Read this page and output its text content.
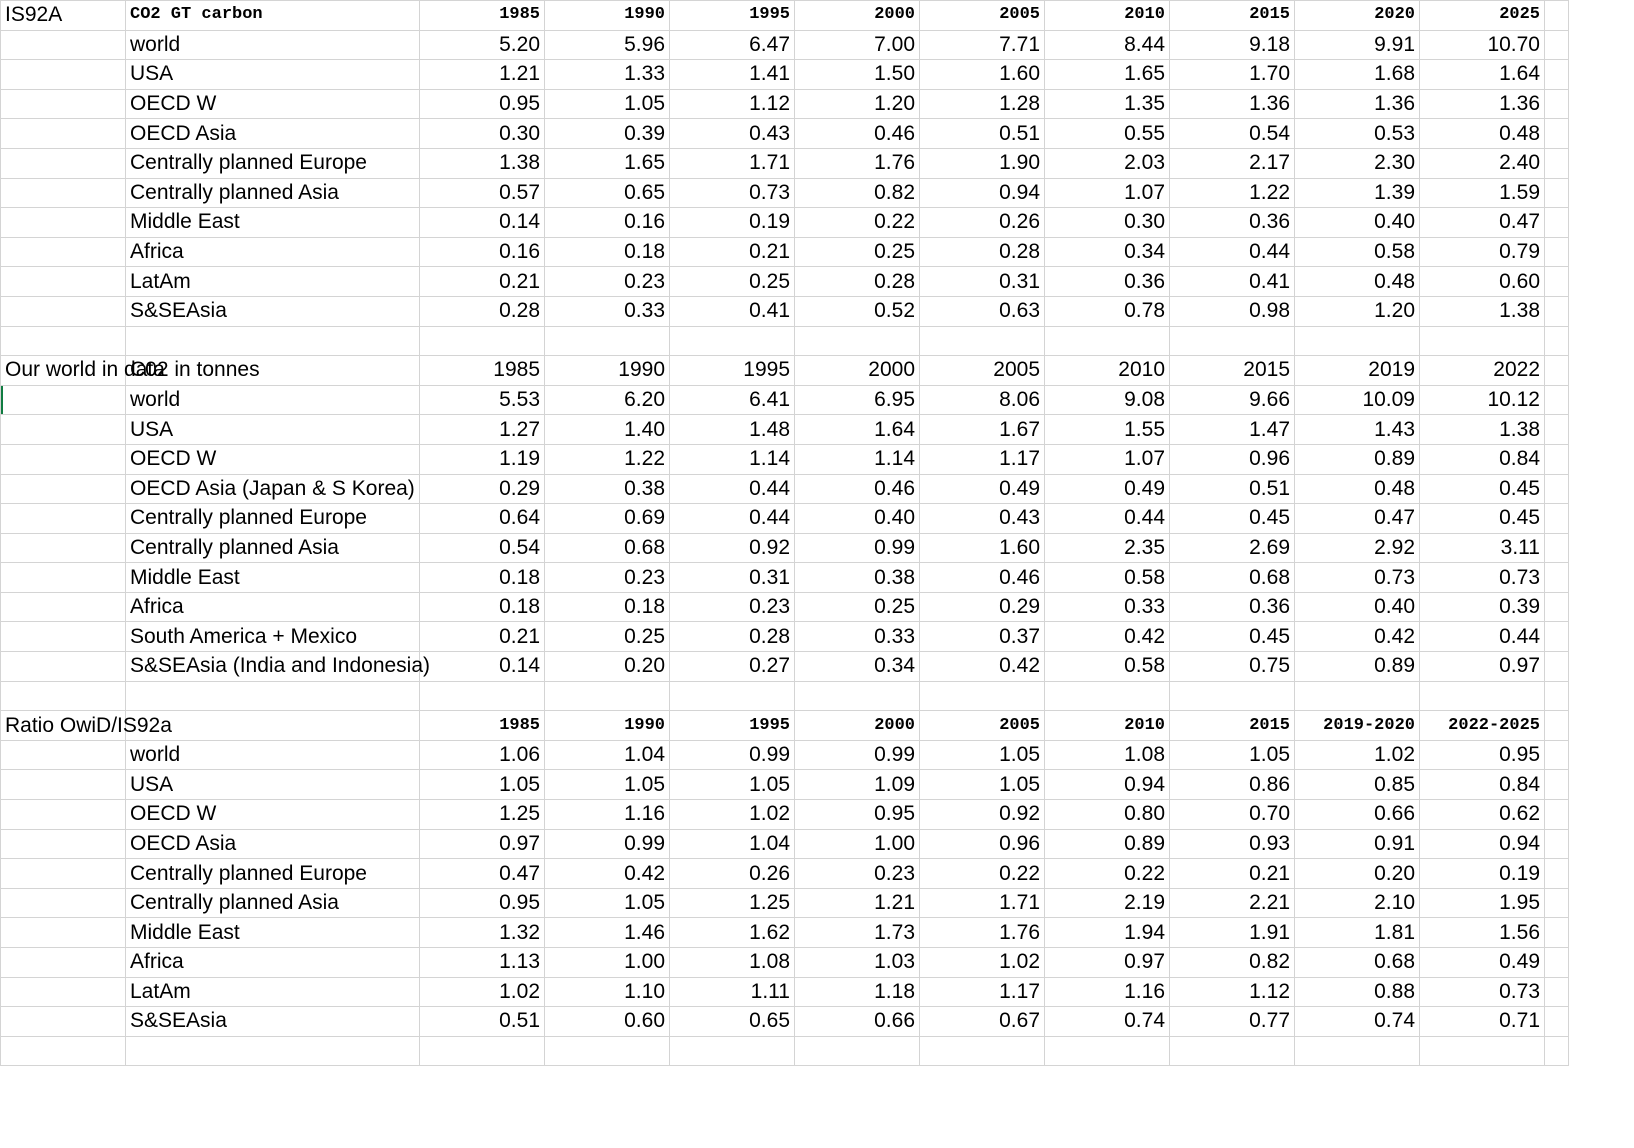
IS92A	CO2 GT carbon	1985	1990	1995	2000	2005	2010	2015	2020	2025	
	world	5.20	5.96	6.47	7.00	7.71	8.44	9.18	9.91	10.70	
	USA	1.21	1.33	1.41	1.50	1.60	1.65	1.70	1.68	1.64	
	OECD W	0.95	1.05	1.12	1.20	1.28	1.35	1.36	1.36	1.36	
	OECD Asia	0.30	0.39	0.43	0.46	0.51	0.55	0.54	0.53	0.48	
	Centrally planned Europe	1.38	1.65	1.71	1.76	1.90	2.03	2.17	2.30	2.40	
	Centrally planned Asia	0.57	0.65	0.73	0.82	0.94	1.07	1.22	1.39	1.59	
	Middle East	0.14	0.16	0.19	0.22	0.26	0.30	0.36	0.40	0.47	
	Africa	0.16	0.18	0.21	0.25	0.28	0.34	0.44	0.58	0.79	
	LatAm	0.21	0.23	0.25	0.28	0.31	0.36	0.41	0.48	0.60	
	S&SEAsia	0.28	0.33	0.41	0.52	0.63	0.78	0.98	1.20	1.38	

Our world in data	C02 in tonnes	1985	1990	1995	2000	2005	2010	2015	2019	2022	
	world	5.53	6.20	6.41	6.95	8.06	9.08	9.66	10.09	10.12	
	USA	1.27	1.40	1.48	1.64	1.67	1.55	1.47	1.43	1.38	
	OECD W	1.19	1.22	1.14	1.14	1.17	1.07	0.96	0.89	0.84	
	OECD Asia (Japan & S Korea)	0.29	0.38	0.44	0.46	0.49	0.49	0.51	0.48	0.45	
	Centrally planned Europe	0.64	0.69	0.44	0.40	0.43	0.44	0.45	0.47	0.45	
	Centrally planned Asia	0.54	0.68	0.92	0.99	1.60	2.35	2.69	2.92	3.11	
	Middle East	0.18	0.23	0.31	0.38	0.46	0.58	0.68	0.73	0.73	
	Africa	0.18	0.18	0.23	0.25	0.29	0.33	0.36	0.40	0.39	
	South America + Mexico	0.21	0.25	0.28	0.33	0.37	0.42	0.45	0.42	0.44	
	S&SEAsia (India and Indonesia)	0.14	0.20	0.27	0.34	0.42	0.58	0.75	0.89	0.97	

Ratio OwiD/IS92a		1985	1990	1995	2000	2005	2010	2015	2019-2020	2022-2025	
	world	1.06	1.04	0.99	0.99	1.05	1.08	1.05	1.02	0.95	
	USA	1.05	1.05	1.05	1.09	1.05	0.94	0.86	0.85	0.84	
	OECD W	1.25	1.16	1.02	0.95	0.92	0.80	0.70	0.66	0.62	
	OECD Asia	0.97	0.99	1.04	1.00	0.96	0.89	0.93	0.91	0.94	
	Centrally planned Europe	0.47	0.42	0.26	0.23	0.22	0.22	0.21	0.20	0.19	
	Centrally planned Asia	0.95	1.05	1.25	1.21	1.71	2.19	2.21	2.10	1.95	
	Middle East	1.32	1.46	1.62	1.73	1.76	1.94	1.91	1.81	1.56	
	Africa	1.13	1.00	1.08	1.03	1.02	0.97	0.82	0.68	0.49	
	LatAm	1.02	1.10	1.11	1.18	1.17	1.16	1.12	0.88	0.73	
	S&SEAsia	0.51	0.60	0.65	0.66	0.67	0.74	0.77	0.74	0.71	
